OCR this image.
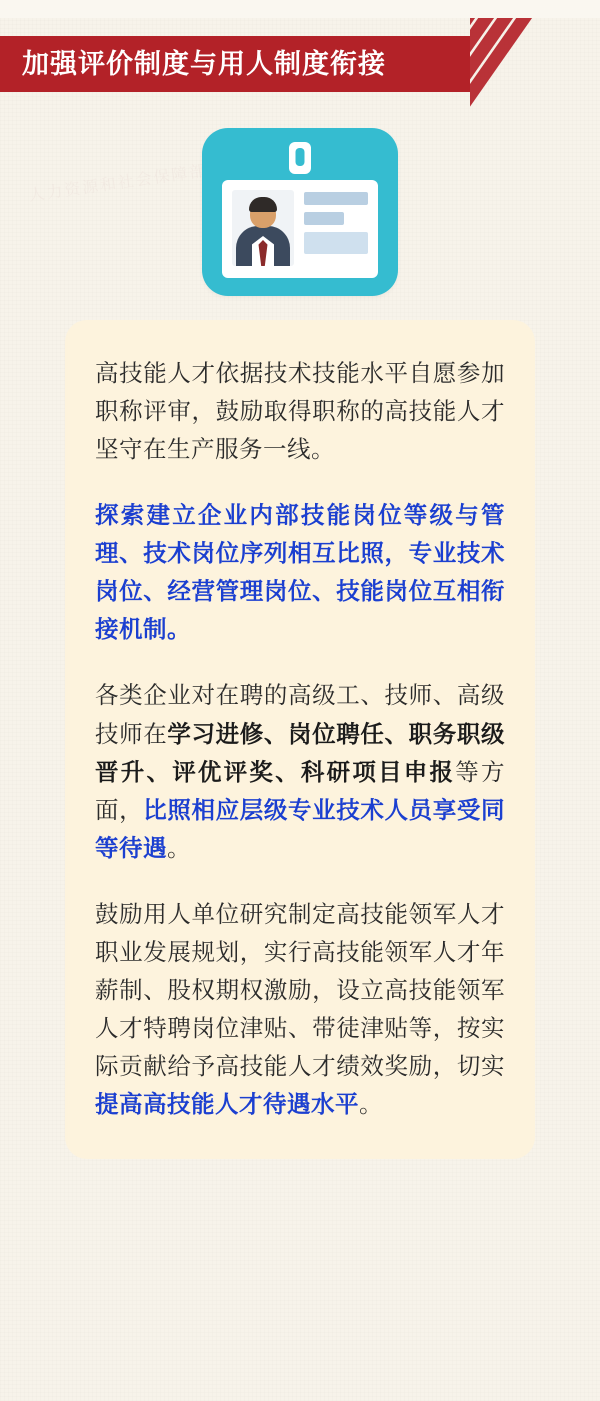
加强评价制度与用人制度衔接

高技能人才依据技术技能水平自愿参加职称评审，鼓励取得职称的高技能人才坚守在生产服务一线。

探索建立企业内部技能岗位等级与管理、技术岗位序列相互比照，专业技术岗位、经营管理岗位、技能岗位互相衔接机制。

各类企业对在聘的高级工、技师、高级技师在学习进修、岗位聘任、职务职级晋升、评优评奖、科研项目申报等方面，比照相应层级专业技术人员享受同等待遇。

鼓励用人单位研究制定高技能领军人才职业发展规划，实行高技能领军人才年薪制、股权期权激励，设立高技能领军人才特聘岗位津贴、带徒津贴等，按实际贡献给予高技能人才绩效奖励，切实提高高技能人才待遇水平。
